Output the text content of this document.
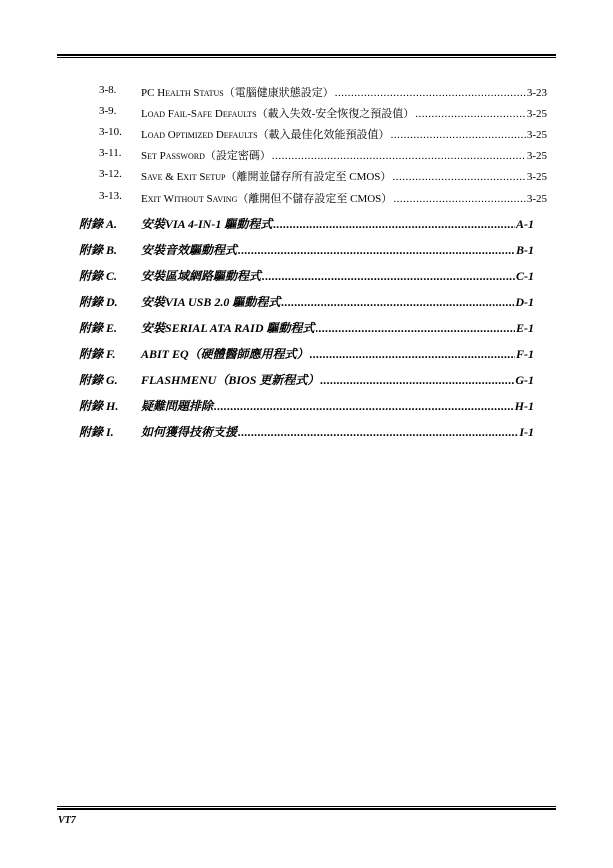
3-8. PC Health Status （電腦健康狀態設定） .....	3-23
3-9. Load Fail-Safe Defaults （載入失效-安全恢復之預設值） .....	3-25
3-10. Load Optimized Defaults （載入最佳化效能預設值） .....	3-25
3-11. Set Password （設定密碼） .....	3-25
3-12. Save & Exit Setup （離開並儲存所有設定至 CMOS） .....	3-25
3-13. Exit Without Saving （離開但不儲存設定至 CMOS） .....	3-25
附錄 A. 安裝VIA 4-IN-1 驅動程式 .....	A-1
附錄 B. 安裝音效驅動程式 .....	B-1
附錄 C. 安裝區域網路驅動程式 .....	C-1
附錄 D. 安裝VIA USB 2.0 驅動程式 .....	D-1
附錄 E. 安裝SERIAL ATA RAID 驅動程式 .....	E-1
附錄 F. ABIT EQ（硬體醫師應用程式） .....	F-1
附錄 G. FLASHMENU（BIOS 更新程式） .....	G-1
附錄 H. 疑難問題排除 .....	H-1
附錄 I. 如何獲得技術支援 .....	I-1
VT7
